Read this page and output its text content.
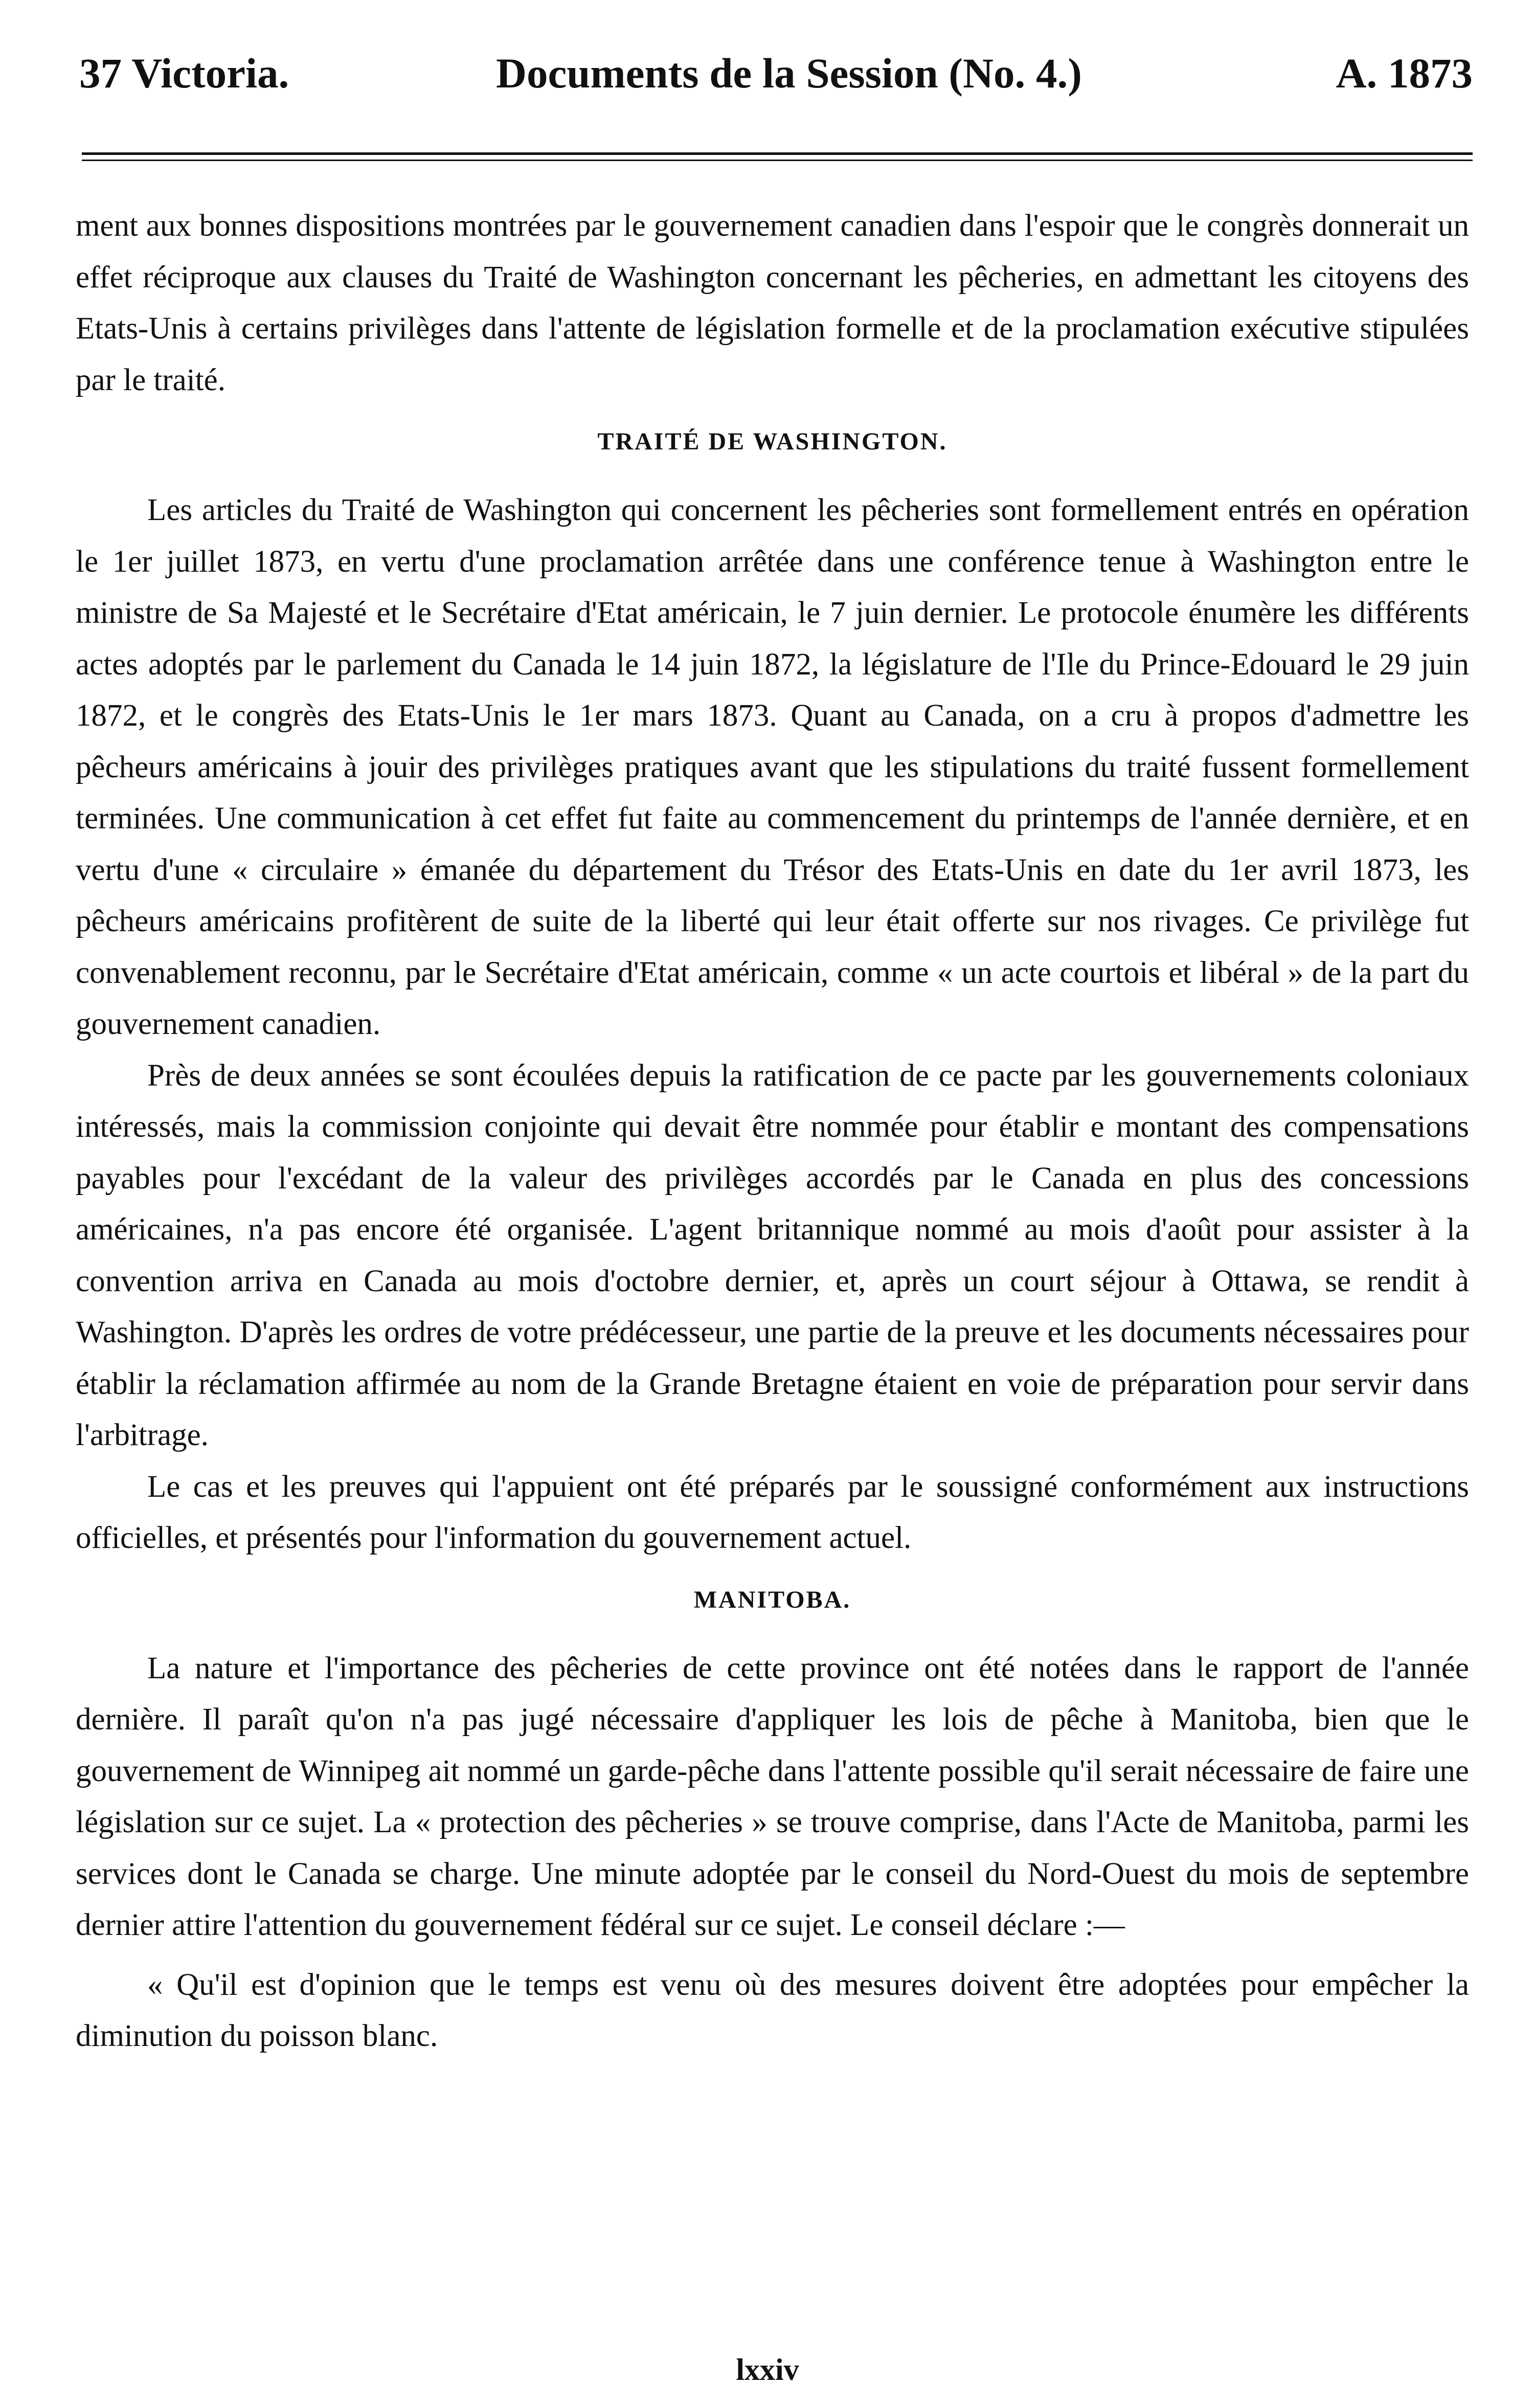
37 Victoria.	Documents de la Session (No. 4.)	A. 1873

ment aux bonnes dispositions montrées par le gouvernement canadien dans l'espoir que le congrès donnerait un effet réciproque aux clauses du Traité de Washington concernant les pêcheries, en admettant les citoyens des Etats-Unis à certains privilèges dans l'attente de législation formelle et de la proclamation exécutive stipulées par le traité.

TRAITÉ DE WASHINGTON.

Les articles du Traité de Washington qui concernent les pêcheries sont formellement entrés en opération le 1er juillet 1873, en vertu d'une proclamation arrêtée dans une conférence tenue à Washington entre le ministre de Sa Majesté et le Secrétaire d'Etat américain, le 7 juin dernier. Le protocole énumère les différents actes adoptés par le parlement du Canada le 14 juin 1872, la législature de l'Ile du Prince-Edouard le 29 juin 1872, et le congrès des Etats-Unis le 1er mars 1873. Quant au Canada, on a cru à propos d'admettre les pêcheurs américains à jouir des privilèges pratiques avant que les stipulations du traité fussent formellement terminées. Une communication à cet effet fut faite au commencement du printemps de l'année dernière, et en vertu d'une « circulaire » émanée du département du Trésor des Etats-Unis en date du 1er avril 1873, les pêcheurs américains profitèrent de suite de la liberté qui leur était offerte sur nos rivages. Ce privilège fut convenablement reconnu, par le Secrétaire d'Etat américain, comme « un acte courtois et libéral » de la part du gouvernement canadien.

Près de deux années se sont écoulées depuis la ratification de ce pacte par les gouvernements coloniaux intéressés, mais la commission conjointe qui devait être nommée pour établir e montant des compensations payables pour l'excédant de la valeur des privilèges accordés par le Canada en plus des concessions américaines, n'a pas encore été organisée. L'agent britannique nommé au mois d'août pour assister à la convention arriva en Canada au mois d'octobre dernier, et, après un court séjour à Ottawa, se rendit à Washington. D'après les ordres de votre prédécesseur, une partie de la preuve et les documents nécessaires pour établir la réclamation affirmée au nom de la Grande Bretagne étaient en voie de préparation pour servir dans l'arbitrage.

Le cas et les preuves qui l'appuient ont été préparés par le soussigné conformément aux instructions officielles, et présentés pour l'information du gouvernement actuel.

MANITOBA.

La nature et l'importance des pêcheries de cette province ont été notées dans le rapport de l'année dernière. Il paraît qu'on n'a pas jugé nécessaire d'appliquer les lois de pêche à Manitoba, bien que le gouvernement de Winnipeg ait nommé un garde-pêche dans l'attente possible qu'il serait nécessaire de faire une législation sur ce sujet. La « protection des pêcheries » se trouve comprise, dans l'Acte de Manitoba, parmi les services dont le Canada se charge. Une minute adoptée par le conseil du Nord-Ouest du mois de septembre dernier attire l'attention du gouvernement fédéral sur ce sujet. Le conseil déclare :—

« Qu'il est d'opinion que le temps est venu où des mesures doivent être adoptées pour empêcher la diminution du poisson blanc.

lxxiv
